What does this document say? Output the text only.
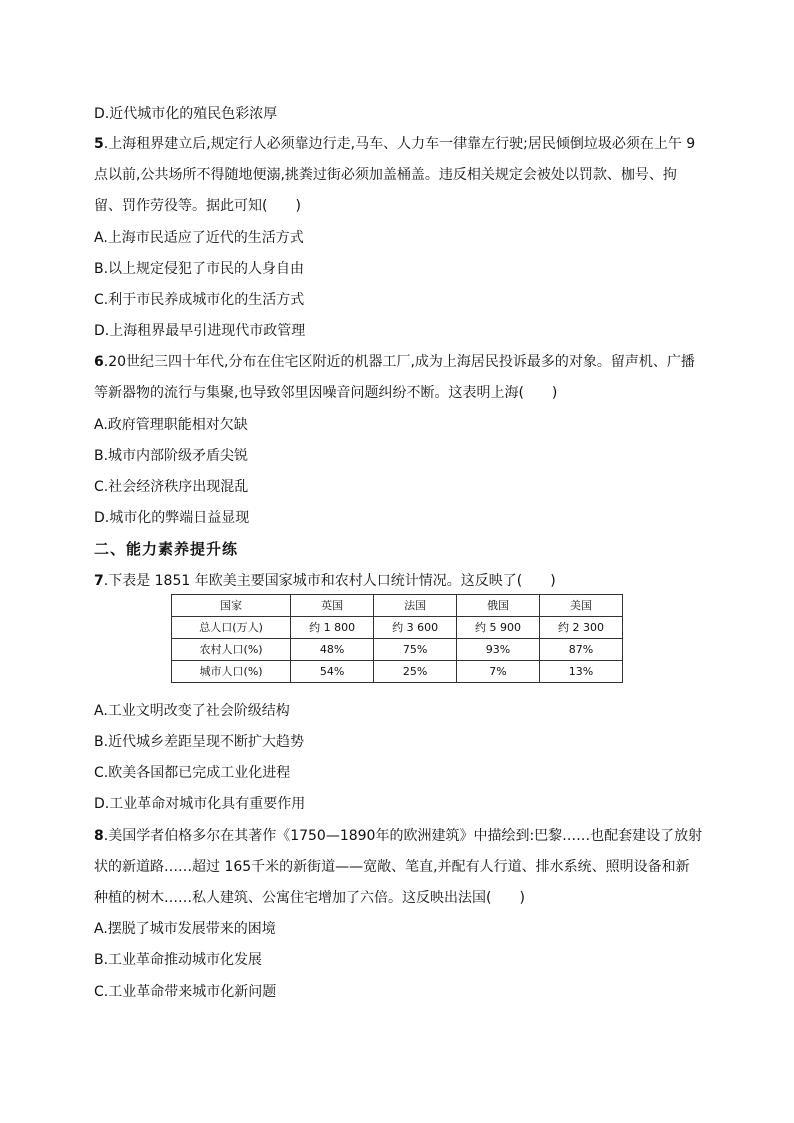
D.近代城市化的殖民色彩浓厚
5.上海租界建立后,规定行人必须靠边行走,马车、人力车一律靠左行驶;居民倾倒垃圾必须在上午 9
点以前,公共场所不得随地便溺,挑粪过街必须加盖桶盖。违反相关规定会被处以罚款、枷号、拘
留、罚作劳役等。据此可知(　　)
A.上海市民适应了近代的生活方式
B.以上规定侵犯了市民的人身自由
C.利于市民养成城市化的生活方式
D.上海租界最早引进现代市政管理
6.20世纪三四十年代,分布在住宅区附近的机器工厂,成为上海居民投诉最多的对象。留声机、广播
等新器物的流行与集聚,也导致邻里因噪音问题纠纷不断。这表明上海(　　)
A.政府管理职能相对欠缺
B.城市内部阶级矛盾尖锐
C.社会经济秩序出现混乱
D.城市化的弊端日益显现
二、能力素养提升练
7.下表是 1851 年欧美主要国家城市和农村人口统计情况。这反映了(　　)
国家	英国	法国	俄国	美国
总人口(万人)	约 1 800	约 3 600	约 5 900	约 2 300
农村人口(%)	48%	75%	93%	87%
城市人口(%)	54%	25%	7%	13%
A.工业文明改变了社会阶级结构
B.近代城乡差距呈现不断扩大趋势
C.欧美各国都已完成工业化进程
D.工业革命对城市化具有重要作用
8.美国学者伯格多尔在其著作《1750—1890年的欧洲建筑》中描绘到:巴黎……也配套建设了放射
状的新道路……超过 165千米的新街道——宽敞、笔直,并配有人行道、排水系统、照明设备和新
种植的树木……私人建筑、公寓住宅增加了六倍。这反映出法国(　　)
A.摆脱了城市发展带来的困境
B.工业革命推动城市化发展
C.工业革命带来城市化新问题
